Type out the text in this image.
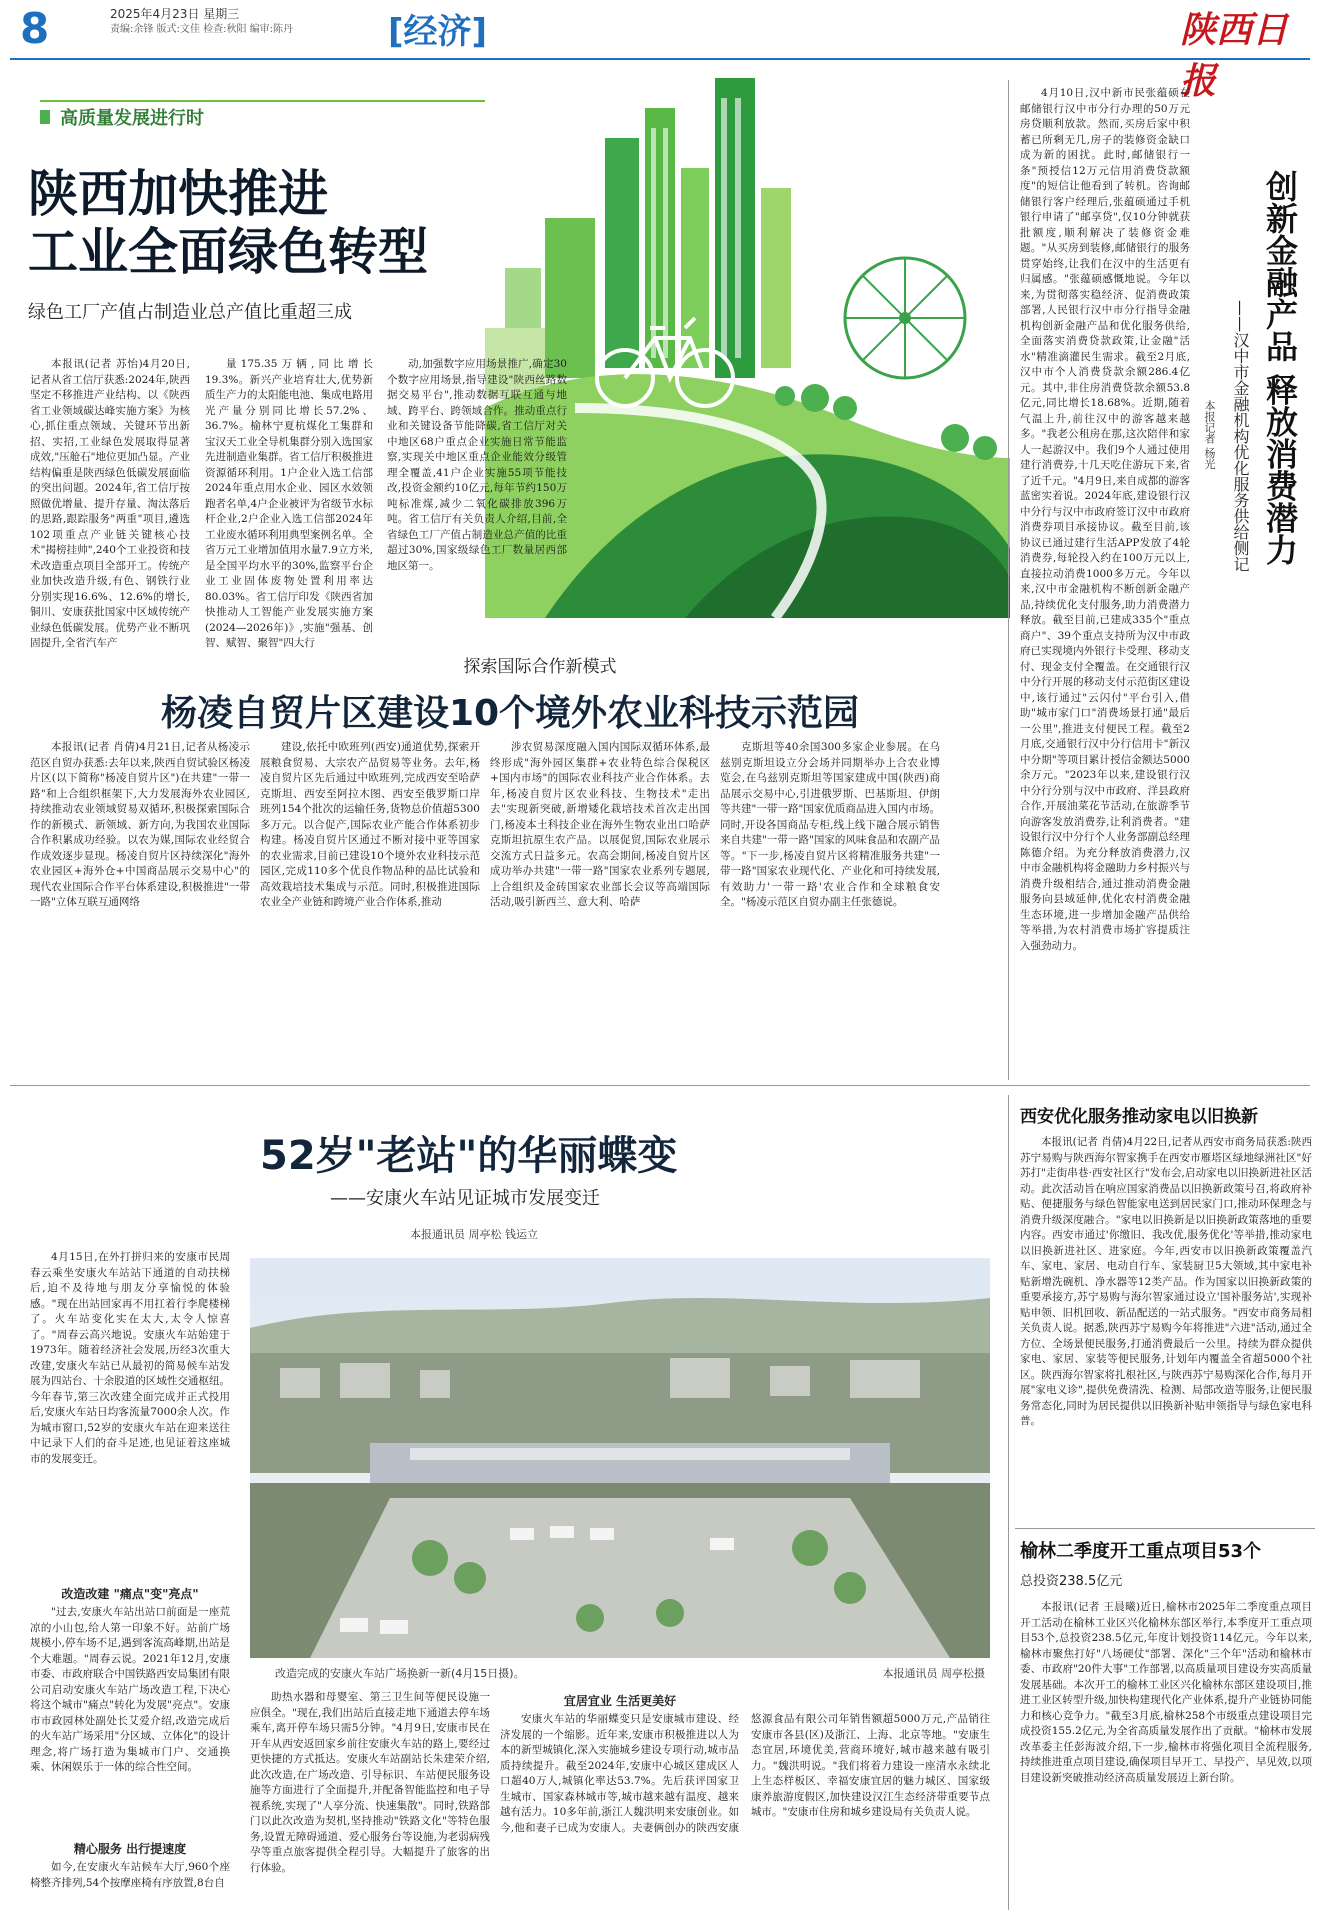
8	2025年4月23日 星期三
责编:余锋 版式:文佳 检查:秋阳 编审:陈丹	[经济]	陕西日报
高质量发展进行时
陕西加快推进
工业全面绿色转型
绿色工厂产值占制造业总产值比重超三成

本报讯(记者 苏怡)4月20日,记者从省工信厅获悉:2024年,陕西坚定不移推进产业结构、以《陕西省工业领域碳达峰实施方案》为核心,抓住重点领域、关键环节出新招、实招,工业绿色发展取得显著成效,"压舱石"地位更加凸显。产业结构偏重是陕西绿色低碳发展面临的突出问题。2024年,省工信厅按照做优增量、提升存量、淘汰落后的思路,跟踪服务"两重"项目,遴选102项重点产业链关键核心技术"揭榜挂帅",240个工业投资和技术改造重点项目全部开工。传统产业加快改造升级,有色、钢铁行业分别实现16.6%、12.6%的增长,铜川、安康获批国家中区域传统产业绿色低碳发展。优势产业不断巩固提升,全省汽车产

量175.35万辆,同比增长19.3%。新兴产业培育壮大,优势新质生产力的太阳能电池、集成电路用光产量分别同比增长57.2%、36.7%。榆林宁夏杭煤化工集群和宝汉天工业全导机集群分别入选国家先进制造业集群。省工信厅积极推进资源循环利用。1户企业入选工信部2024年重点用水企业、园区水效领跑者名单,4户企业被评为省级节水标杆企业,2户企业入选工信部2024年工业废水循环利用典型案例名单。全省万元工业增加值用水量7.9立方米,是全国平均水平的30%,监察平台企业工业固体废物处置利用率达80.03%。省工信厅印发《陕西省加快推动人工智能产业发展实施方案(2024—2026年)》,实施"强基、创智、赋智、聚智"四大行

动,加强数字应用场景推广,确定30个数字应用场景,指导建设"陕西丝路数据交易平台",推动数据互联互通与地域、跨平台、跨领域合作。推动重点行业和关键设备节能降碳,省工信厅对关中地区68户重点企业实施日常节能监察,实现关中地区重点企业能效分级管理全覆盖,41户企业实施55项节能技改,投资金额约10亿元,每年节约150万吨标准煤,减少二氧化碳排放396万吨。省工信厅有关负责人介绍,目前,全省绿色工厂产值占制造业总产值的比重超过30%,国家级绿色工厂数量居西部地区第一。

探索国际合作新模式
杨凌自贸片区建设10个境外农业科技示范园

本报讯(记者 肖倩)4月21日,记者从杨凌示范区自贸办获悉:去年以来,陕西自贸试验区杨凌片区(以下简称"杨凌自贸片区")在共建"一带一路"和上合组织框架下,大力发展海外农业园区,持续推动农业领域贸易双循环,积极探索国际合作的新模式、新领域、新方向,为我国农业国际合作积累成功经验。以农为媒,国际农业经贸合作成效逐步显现。杨凌自贸片区持续深化"海外农业园区+海外仓+中国商品展示交易中心"的现代农业国际合作平台体系建设,积极推进"一带一路"立体互联互通网络

建设,依托中欧班列(西安)通道优势,探索开展粮食贸易、大宗农产品贸易等业务。去年,杨凌自贸片区先后通过中欧班列,完成西安至哈萨克斯坦、西安至阿拉木图、西安至俄罗斯口岸班列154个批次的运输任务,货物总价值超5300多万元。以合促产,国际农业产能合作体系初步构建。杨凌自贸片区通过不断对接中亚等国家的农业需求,目前已建设10个境外农业科技示范园区,完成110多个优良作物品种的品比试验和高效栽培技术集成与示范。同时,积极推进国际农业全产业链和跨境产业合作体系,推动

涉农贸易深度融入国内国际双循环体系,最终形成"海外园区集群+农业特色综合保税区+国内市场"的国际农业科技产业合作体系。去年,杨凌自贸片区农业科技、生物技术"走出去"实现新突破,新增矮化栽培技术首次走出国门,杨凌本土科技企业在海外生物农业出口哈萨克斯坦抗原生农产品。以展促贸,国际农业展示交流方式日益多元。农高会期间,杨凌自贸片区成功举办共建"一带一路"国家农业系列专题展,上合组织及金砖国家农业部长会议等高端国际活动,吸引新西兰、意大利、哈萨

克斯坦等40余国300多家企业参展。在乌兹别克斯坦设立分会场并同期举办上合农业博览会,在乌兹别克斯坦等国家建成中国(陕西)商品展示交易中心,引进俄罗斯、巴基斯坦、伊朗等共建"一带一路"国家优质商品进入国内市场。同时,开设各国商品专柜,线上线下融合展示销售来自共建"一带一路"国家的风味食品和农副产品等。"下一步,杨凌自贸片区将精准服务共建"一带一路"国家农业现代化、产业化和可持续发展,有效助力'一带一路'农业合作和全球粮食安全。"杨凌示范区自贸办副主任张德说。

创新金融产品 释放消费潜力
——汉中市金融机构优化服务供给侧记
本报记者 杨光

4月10日,汉中新市民张蕴硕在邮储银行汉中市分行办理的50万元房贷顺利放款。然而,买房后家中积蓄已所剩无几,房子的装修资金缺口成为新的困扰。此时,邮储银行一条"预授信12万元信用消费贷款额度"的短信让他看到了转机。咨询邮储银行客户经理后,张蕴硕通过手机银行申请了"邮享贷",仅10分钟就获批额度,顺利解决了装修资金难题。"从买房到装修,邮储银行的服务贯穿始终,让我们在汉中的生活更有归属感。"张蕴硕感慨地说。今年以来,为贯彻落实稳经济、促消费政策部署,人民银行汉中市分行指导金融机构创新金融产品和优化服务供给,全面落实消费贷款政策,让金融"活水"精准滴灌民生需求。截至2月底,汉中市个人消费贷款余额286.4亿元。其中,非住房消费贷款余额53.8亿元,同比增长18.68%。近期,随着气温上升,前往汉中的游客越来越多。"我老公租房在那,这次陪伴和家人一起游汉中。我们9个人通过使用建行消费券,十几天吃住游玩下来,省了近千元。"4月9日,来自成都的游客蓝密实着说。2024年底,建设银行汉中分行与汉中市政府签订汉中市政府消费券项目承接协议。截至目前,该协议已通过建行生活APP发放了4轮消费券,每轮投入约在100万元以上,直接拉动消费1000多万元。今年以来,汉中市金融机构不断创新金融产品,持续优化支付服务,助力消费潜力释放。截至目前,已建成335个"重点商户"、39个重点支持所为汉中市政府已实现境内外银行卡受理、移动支付、现金支付全覆盖。在交通银行汉中分行开展的移动支付示范街区建设中,该行通过"云闪付"平台引入,借助"城市家门口"消费场景打通"最后一公里",推进支付便民工程。截至2月底,交通银行汉中分行信用卡"新汉中分期"等项目累计授信金额达5000余万元。"2023年以来,建设银行汉中分行分别与汉中市政府、洋县政府合作,开展油菜花节活动,在旅游季节向游客发放消费券,让利消费者。"建设银行汉中分行个人业务部副总经理陈德介绍。为充分释放消费潜力,汉中市金融机构将金融助力乡村振兴与消费升级相结合,通过推动消费金融服务向县域延伸,优化农村消费金融生态环境,进一步增加金融产品供给等举措,为农村消费市场扩容提质注入强劲动力。

52岁"老站"的华丽蝶变
——安康火车站见证城市发展变迁
本报通讯员 周亭松 钱运立
改造完成的安康火车站广场换新一新(4月15日摄)。	本报通讯员 周亭松摄

4月15日,在外打拼归来的安康市民周春云乘坐安康火车站站下通道的自动扶梯后,迫不及待地与朋友分享愉悦的体验感。"现在出站回家再不用扛着行李爬楼梯了。火车站变化实在太大,太令人惊喜了。"周春云高兴地说。安康火车站始建于1973年。随着经济社会发展,历经3次重大改建,安康火车站已从最初的简易候车站发展为四站台、十余股道的区域性交通枢纽。今年春节,第三次改建全面完成并正式投用后,安康火车站日均客流量7000余人次。作为城市窗口,52岁的安康火车站在迎来送往中记录下人们的奋斗足迹,也见证着这座城市的发展变迁。

改造改建 "痛点"变"亮点"

"过去,安康火车站出站口前面是一座荒凉的小山包,给人第一印象不好。站前广场规模小,停车场不足,遇到客流高峰期,出站是个大难题。"周春云说。2021年12月,安康市委、市政府联合中国铁路西安局集团有限公司启动安康火车站广场改造工程,下决心将这个城市"痛点"转化为发展"亮点"。安康市市政园林处副处长艾爱介绍,改造完成后的火车站广场采用"分区域、立体化"的设计理念,将广场打造为集城市门户、交通换乘、休闲娱乐于一体的综合性空间。

精心服务 出行提速度

如今,在安康火车站候车大厅,960个座椅整齐排列,54个按摩座椅有序放置,8台自

助热水器和母婴室、第三卫生间等便民设施一应俱全。"现在,我们出站后直接走地下通道去停车场乘车,离开停车场只需5分钟。"4月9日,安康市民在开车从西安返回家乡前往安康火车站的路上,要经过更快捷的方式抵达。安康火车站副站长朱建荣介绍,此次改造,在广场改造、引导标识、车站便民服务设施等方面进行了全面提升,并配备智能监控和电子导视系统,实现了"人享分流、快速集散"。同时,铁路部门以此次改造为契机,坚持推动"铁路文化"等特色服务,设置无障碍通道、爱心服务台等设施,为老弱病残孕等重点旅客提供全程引导。大幅提升了旅客的出行体验。

宜居宜业 生活更美好

安康火车站的华丽蝶变只是安康城市建设、经济发展的一个缩影。近年来,安康市积极推进以人为本的新型城镇化,深入实施城乡建设专项行动,城市品质持续提升。截至2024年,安康中心城区建成区人口超40万人,城镇化率达53.7%。先后获评国家卫生城市、国家森林城市等,城市越来越有温度、越来越有活力。10多年前,浙江人魏洪明来安康创业。如今,他和妻子已成为安康人。夫妻俩创办的陕西安康悠源食品有限公司年销售额超5000万元,产品销往安康市各县(区)及浙江、上海、北京等地。"安康生态宜居,环境优美,营商环境好,城市越来越有吸引力。"魏洪明说。"我们将着力建设一座清水永续北上生态样板区、幸福安康宜居的魅力城区、国家级康养旅游度假区,加快建设汉江生态经济带重要节点城市。"安康市住房和城乡建设局有关负责人说。

西安优化服务推动家电以旧换新

本报讯(记者 肖倩)4月22日,记者从西安市商务局获悉:陕西苏宁易购与陕西海尔智家携手在西安市雁塔区绿地绿洲社区"好苏打"走街串巷·西安社区行"发布会,启动家电以旧换新进社区活动。此次活动旨在响应国家消费品以旧换新政策号召,将政府补贴、便捷服务与绿色智能家电送到居民家门口,推动环保理念与消费升级深度融合。"家电以旧换新是以旧换新政策落地的重要内容。西安市通过'你缴旧、我改优,服务优化'等举措,推动家电以旧换新进社区、进家庭。今年,西安市以旧换新政策覆盖汽车、家电、家居、电动自行车、家装厨卫5大领域,其中家电补贴新增洗碗机、净水器等12类产品。作为国家以旧换新政策的重要承接方,苏宁易购与海尔智家通过设立'国补服务站',实现补贴申领、旧机回收、新品配送的一站式服务。"西安市商务局相关负责人说。据悉,陕西苏宁易购今年将推进"六进"活动,通过全方位、全场景便民服务,打通消费最后一公里。持续为群众提供家电、家居、家装等便民服务,计划年内覆盖全省超5000个社区。陕西海尔智家将扎根社区,与陕西苏宁易购深化合作,每月开展"家电义诊",提供免费清洗、检测、局部改造等服务,让便民服务常态化,同时为居民提供以旧换新补贴申领指导与绿色家电科普。

榆林二季度开工重点项目53个
总投资238.5亿元

本报讯(记者 王晨曦)近日,榆林市2025年二季度重点项目开工活动在榆林工业区兴化榆林东部区举行,本季度开工重点项目53个,总投资238.5亿元,年度计划投资114亿元。今年以来,榆林市聚焦打好"八场硬仗"部署、深化"三个年"活动和榆林市委、市政府"20件大事"工作部署,以高质量项目建设夯实高质量发展基础。本次开工的榆林工业区兴化榆林东部区建设项目,推进工业区转型升级,加快构建现代化产业体系,提升产业链协同能力和核心竞争力。"截至3月底,榆林258个市级重点建设项目完成投资155.2亿元,为全省高质量发展作出了贡献。"榆林市发展改革委主任彭海波介绍,下一步,榆林市将强化项目全流程服务,持续推进重点项目建设,确保项目早开工、早投产、早见效,以项目建设新突破推动经济高质量发展迈上新台阶。
